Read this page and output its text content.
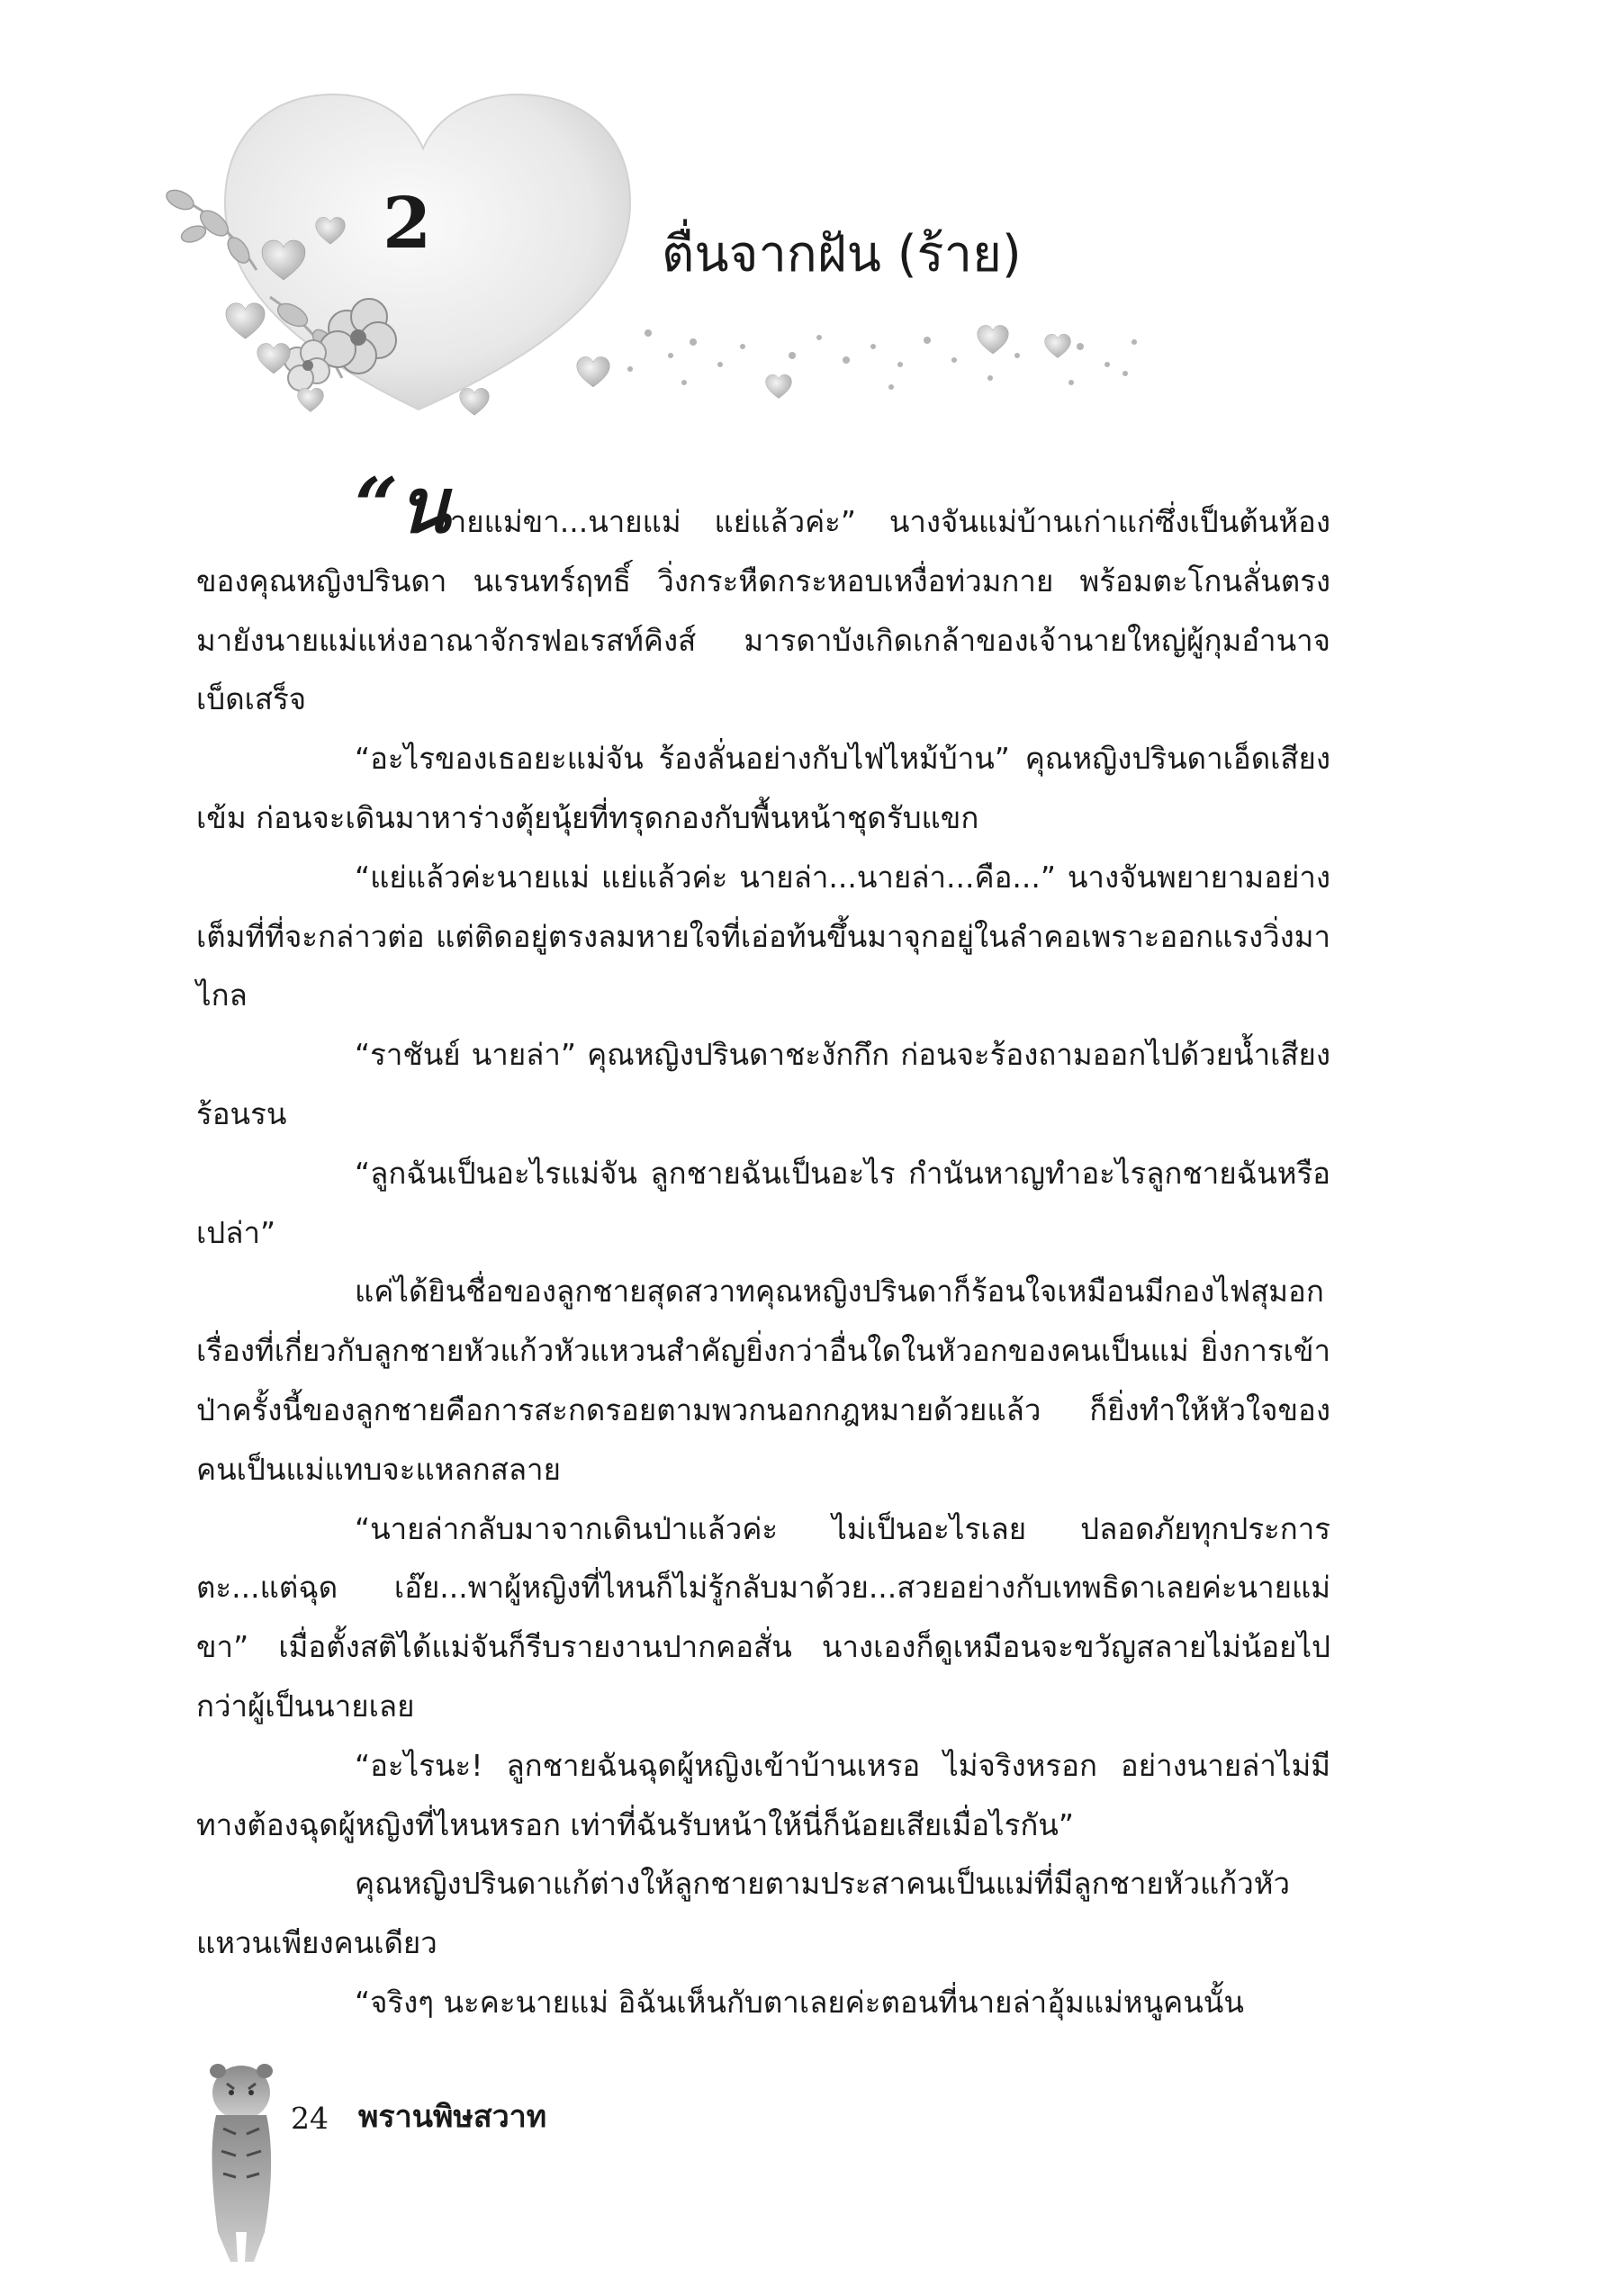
2	ตื่นจากฝัน (ร้าย)

“นายแม่ขา...นายแม่ แย่แล้วค่ะ” นางจันแม่บ้านเก่าแก่ซึ่งเป็นต้นห้องของคุณหญิงปรินดา นเรนทร์ฤทธิ์ วิ่งกระหืดกระหอบเหงื่อท่วมกาย พร้อมตะโกนลั่นตรงมายังนายแม่แห่งอาณาจักรฟอเรสท์คิงส์ มารดาบังเกิดเกล้าของเจ้านายใหญ่ผู้กุมอำนาจเบ็ดเสร็จ

“อะไรของเธอยะแม่จัน ร้องลั่นอย่างกับไฟไหม้บ้าน” คุณหญิงปรินดาเอ็ดเสียงเข้ม ก่อนจะเดินมาหาร่างตุ้ยนุ้ยที่ทรุดกองกับพื้นหน้าชุดรับแขก

“แย่แล้วค่ะนายแม่ แย่แล้วค่ะ นายล่า...นายล่า...คือ...” นางจันพยายามอย่างเต็มที่ที่จะกล่าวต่อ แต่ติดอยู่ตรงลมหายใจที่เอ่อท้นขึ้นมาจุกอยู่ในลำคอเพราะออกแรงวิ่งมาไกล

“ราชันย์ นายล่า” คุณหญิงปรินดาชะงักกึก ก่อนจะร้องถามออกไปด้วยน้ำเสียงร้อนรน

“ลูกฉันเป็นอะไรแม่จัน ลูกชายฉันเป็นอะไร กำนันหาญทำอะไรลูกชายฉันหรือเปล่า”

แค่ได้ยินชื่อของลูกชายสุดสวาทคุณหญิงปรินดาก็ร้อนใจเหมือนมีกองไฟสุมอก เรื่องที่เกี่ยวกับลูกชายหัวแก้วหัวแหวนสำคัญยิ่งกว่าอื่นใดในหัวอกของคนเป็นแม่ ยิ่งการเข้าป่าครั้งนี้ของลูกชายคือการสะกดรอยตามพวกนอกกฎหมายด้วยแล้ว ก็ยิ่งทำให้หัวใจของคนเป็นแม่แทบจะแหลกสลาย

“นายล่ากลับมาจากเดินป่าแล้วค่ะ ไม่เป็นอะไรเลย ปลอดภัยทุกประการตะ...แต่ฉุด เอ๊ย...พาผู้หญิงที่ไหนก็ไม่รู้กลับมาด้วย...สวยอย่างกับเทพธิดาเลยค่ะนายแม่ขา” เมื่อตั้งสติได้แม่จันก็รีบรายงานปากคอสั่น นางเองก็ดูเหมือนจะขวัญสลายไม่น้อยไปกว่าผู้เป็นนายเลย

“อะไรนะ! ลูกชายฉันฉุดผู้หญิงเข้าบ้านเหรอ ไม่จริงหรอก อย่างนายล่าไม่มีทางต้องฉุดผู้หญิงที่ไหนหรอก เท่าที่ฉันรับหน้าให้นี่ก็น้อยเสียเมื่อไรกัน”

คุณหญิงปรินดาแก้ต่างให้ลูกชายตามประสาคนเป็นแม่ที่มีลูกชายหัวแก้วหัวแหวนเพียงคนเดียว

“จริงๆ นะคะนายแม่ อิฉันเห็นกับตาเลยค่ะตอนที่นายล่าอุ้มแม่หนูคนนั้น

24 พรานพิษสวาท
